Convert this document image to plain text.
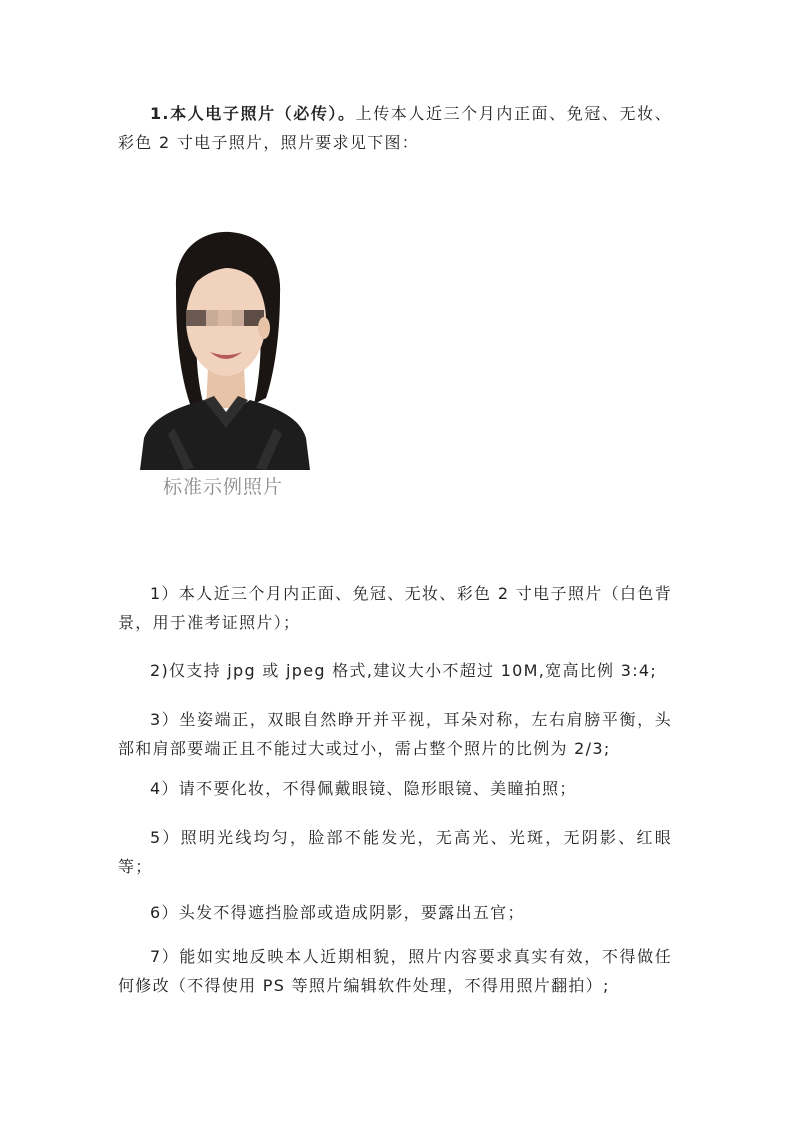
1.本人电子照片（必传）。上传本人近三个月内正面、免冠、无妆、彩色 2 寸电子照片，照片要求见下图：

标准示例照片

1）本人近三个月内正面、免冠、无妆、彩色 2 寸电子照片（白色背景，用于准考证照片）；

2)仅支持 jpg 或 jpeg 格式,建议大小不超过 10M,宽高比例 3:4;

3）坐姿端正，双眼自然睁开并平视，耳朵对称，左右肩膀平衡，头部和肩部要端正且不能过大或过小，需占整个照片的比例为 2/3;

4）请不要化妆，不得佩戴眼镜、隐形眼镜、美瞳拍照；

5）照明光线均匀，脸部不能发光，无高光、光斑，无阴影、红眼等；

6）头发不得遮挡脸部或造成阴影，要露出五官；

7）能如实地反映本人近期相貌，照片内容要求真实有效，不得做任何修改（不得使用 PS 等照片编辑软件处理，不得用照片翻拍）;
